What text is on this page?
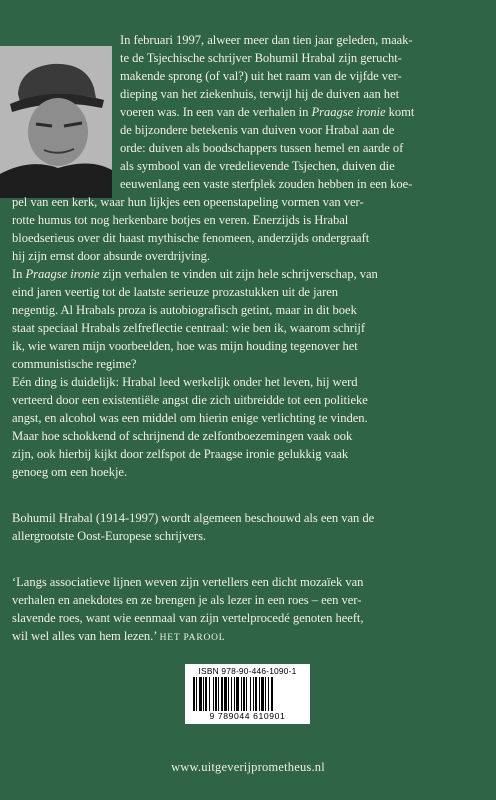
In februari 1997, alweer meer dan tien jaar geleden, maak-
te de Tsjechische schrijver Bohumil Hrabal zijn gerucht-
makende sprong (of val?) uit het raam van de vijfde ver-
dieping van het ziekenhuis, terwijl hij de duiven aan het
voeren was. In een van de verhalen in Praagse ironie komt
de bijzondere betekenis van duiven voor Hrabal aan de
orde: duiven als boodschappers tussen hemel en aarde of
als symbool van de vredelievende Tsjechen, duiven die
eeuwenlang een vaste sterfplek zouden hebben in een koe-
pel van een kerk, waar hun lijkjes een opeenstapeling vormen van ver-
rotte humus tot nog herkenbare botjes en veren. Enerzijds is Hrabal
bloedserieus over dit haast mythische fenomeen, anderzijds ondergraaft
hij zijn ernst door absurde overdrijving.
In Praagse ironie zijn verhalen te vinden uit zijn hele schrijverschap, van
eind jaren veertig tot de laatste serieuze prozastukken uit de jaren
negentig. Al Hrabals proza is autobiografisch getint, maar in dit boek
staat speciaal Hrabals zelfreflectie centraal: wie ben ik, waarom schrijf
ik, wie waren mijn voorbeelden, hoe was mijn houding tegenover het
communistische regime?
Eén ding is duidelijk: Hrabal leed werkelijk onder het leven, hij werd
verteerd door een existentiële angst die zich uitbreidde tot een politieke
angst, en alcohol was een middel om hierin enige verlichting te vinden.
Maar hoe schokkend of schrijnend de zelfontboezemingen vaak ook
zijn, ook hierbij kijkt door zelfspot de Praagse ironie gelukkig vaak
genoeg om een hoekje.
Bohumil Hrabal (1914-1997) wordt algemeen beschouwd als een van de
allergrootste Oost-Europese schrijvers.
‘Langs associatieve lijnen weven zijn vertellers een dicht mozaïek van
verhalen en anekdotes en ze brengen je als lezer in een roes – een ver-
slavende roes, want wie eenmaal van zijn vertelprocedé genoten heeft,
wil wel alles van hem lezen.’ HET PAROOL
ISBN 978-90-446-1090-1
9 789044 610901
www.uitgeverijprometheus.nl
